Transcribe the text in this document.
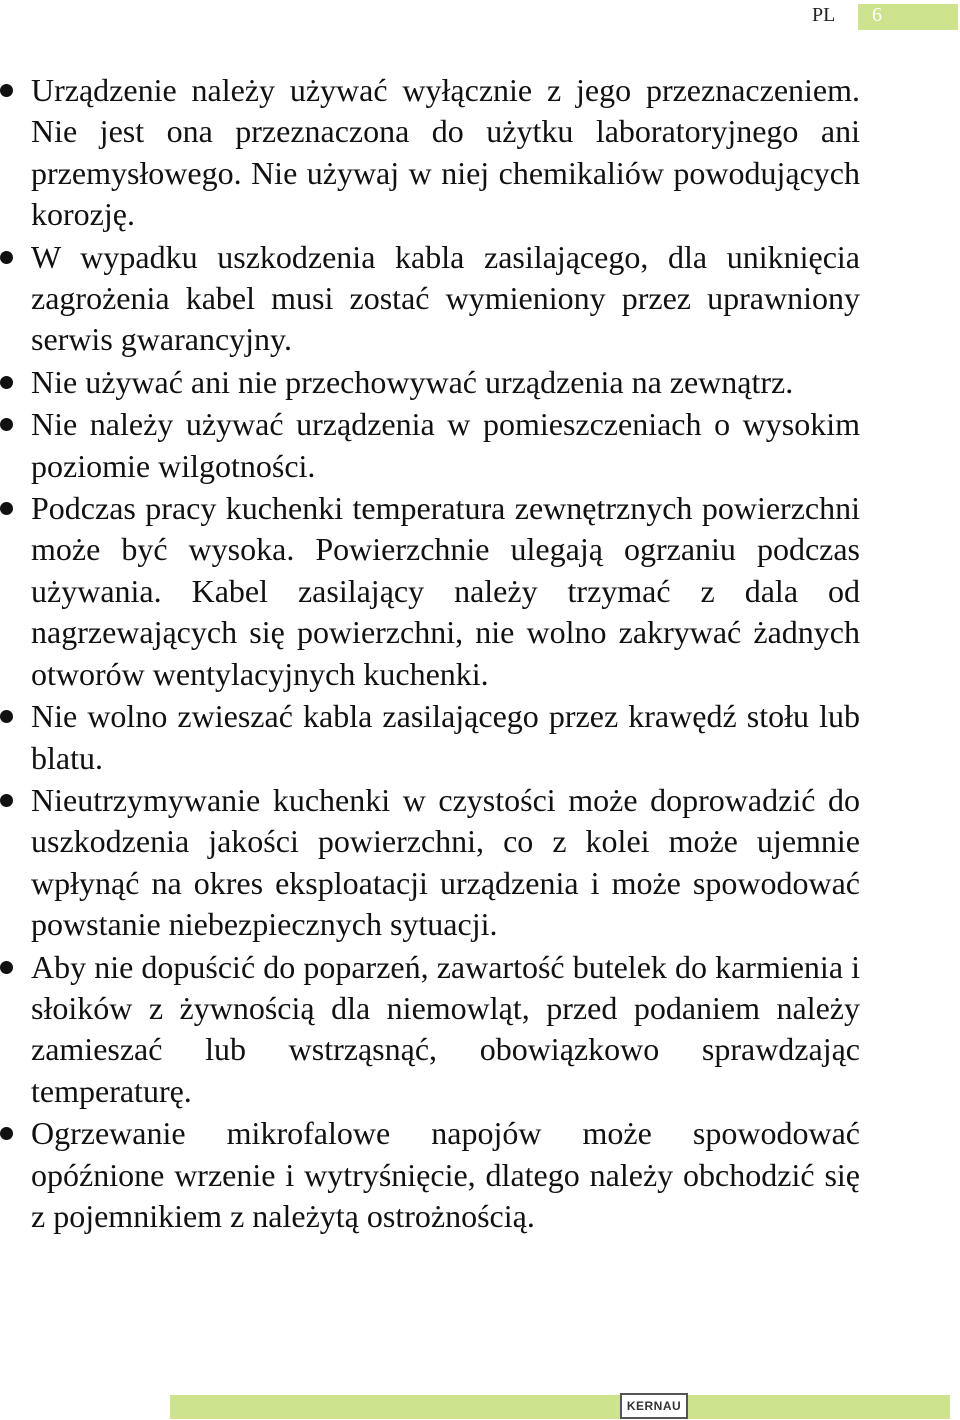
PL 6
Urządzenie należy używać wyłącznie z jego przeznaczeniem. Nie jest ona przeznaczona do użytku laboratoryjnego ani przemysłowego. Nie używaj w niej chemikaliów powodujących korozję.
W wypadku uszkodzenia kabla zasilającego, dla uniknięcia zagrożenia kabel musi zostać wymieniony przez uprawniony serwis gwarancyjny.
Nie używać ani nie przechowywać urządzenia na zewnątrz.
Nie należy używać urządzenia w pomieszczeniach o wysokim poziomie wilgotności.
Podczas pracy kuchenki temperatura zewnętrznych powierzchni może być wysoka. Powierzchnie ulegają ogrzaniu podczas używania. Kabel zasilający należy trzymać z dala od nagrzewających się powierzchni, nie wolno zakrywać żadnych otworów wentylacyjnych kuchenki.
Nie wolno zwieszać kabla zasilającego przez krawędź stołu lub blatu.
Nieutrzymywanie kuchenki w czystości może doprowadzić do uszkodzenia jakości powierzchni, co z kolei może ujemnie wpłynąć na okres eksploatacji urządzenia i może spowodować powstanie niebezpiecznych sytuacji.
Aby nie dopuścić do poparzeń, zawartość butelek do karmienia i słoików z żywnością dla niemowląt, przed podaniem należy zamieszać lub wstrząsnąć, obowiązkowo sprawdzając temperaturę.
Ogrzewanie mikrofalowe napojów może spowodować opóźnione wrzenie i wytryśnięcie, dlatego należy obchodzić się z pojemnikiem z należytą ostrożnością.
KERNAU
